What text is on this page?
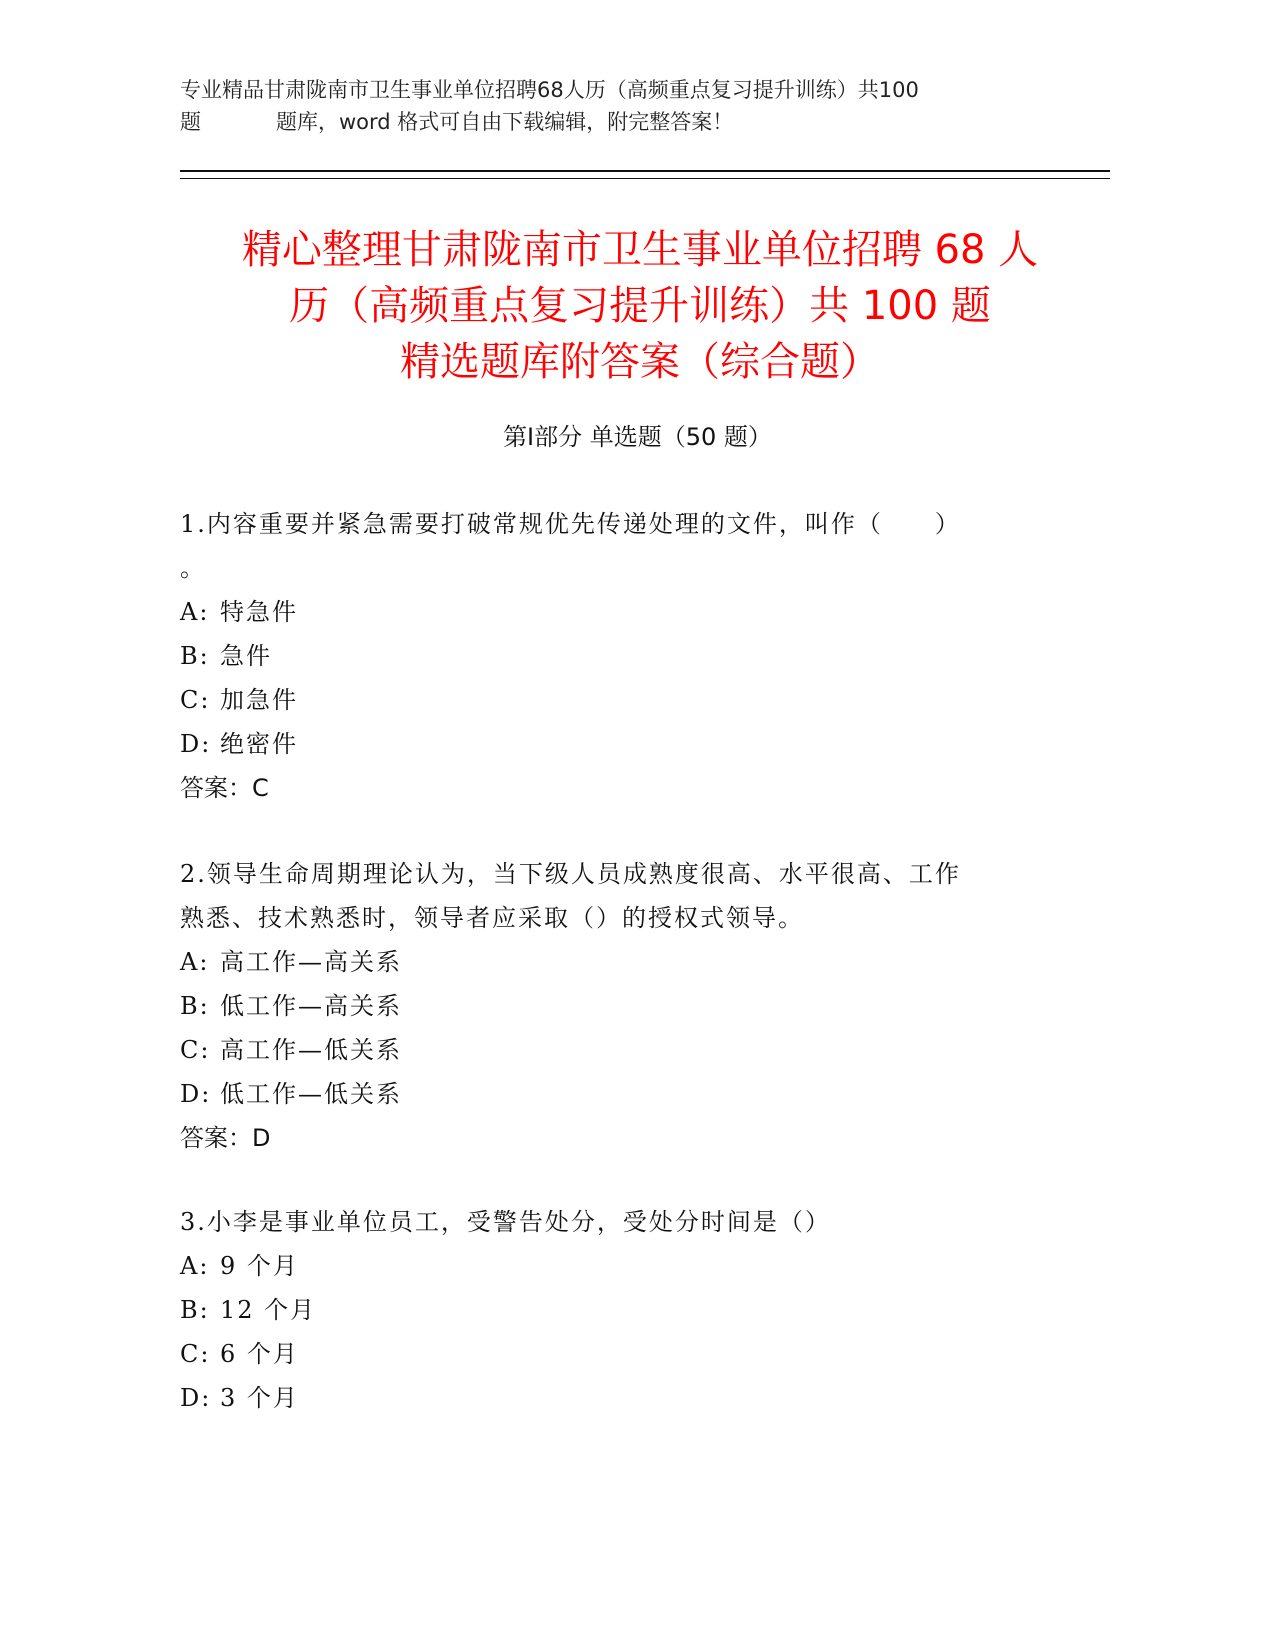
专业精品甘肃陇南市卫生事业单位招聘68人历（高频重点复习提升训练）共100
题	题库，word 格式可自由下载编辑，附完整答案！
精心整理甘肃陇南市卫生事业单位招聘 68 人
历（高频重点复习提升训练）共 100 题
精选题库附答案（综合题）
第Ⅰ部分 单选题（50 题）
1.内容重要并紧急需要打破常规优先传递处理的文件，叫作（　　）
。
A: 特急件
B: 急件
C: 加急件
D: 绝密件
答案：C
2.领导生命周期理论认为，当下级人员成熟度很高、水平很高、工作
熟悉、技术熟悉时，领导者应采取（）的授权式领导。
A: 高工作—高关系
B: 低工作—高关系
C: 高工作—低关系
D: 低工作—低关系
答案：D
3.小李是事业单位员工，受警告处分，受处分时间是（）
A: 9 个月
B: 12 个月
C: 6 个月
D: 3 个月
